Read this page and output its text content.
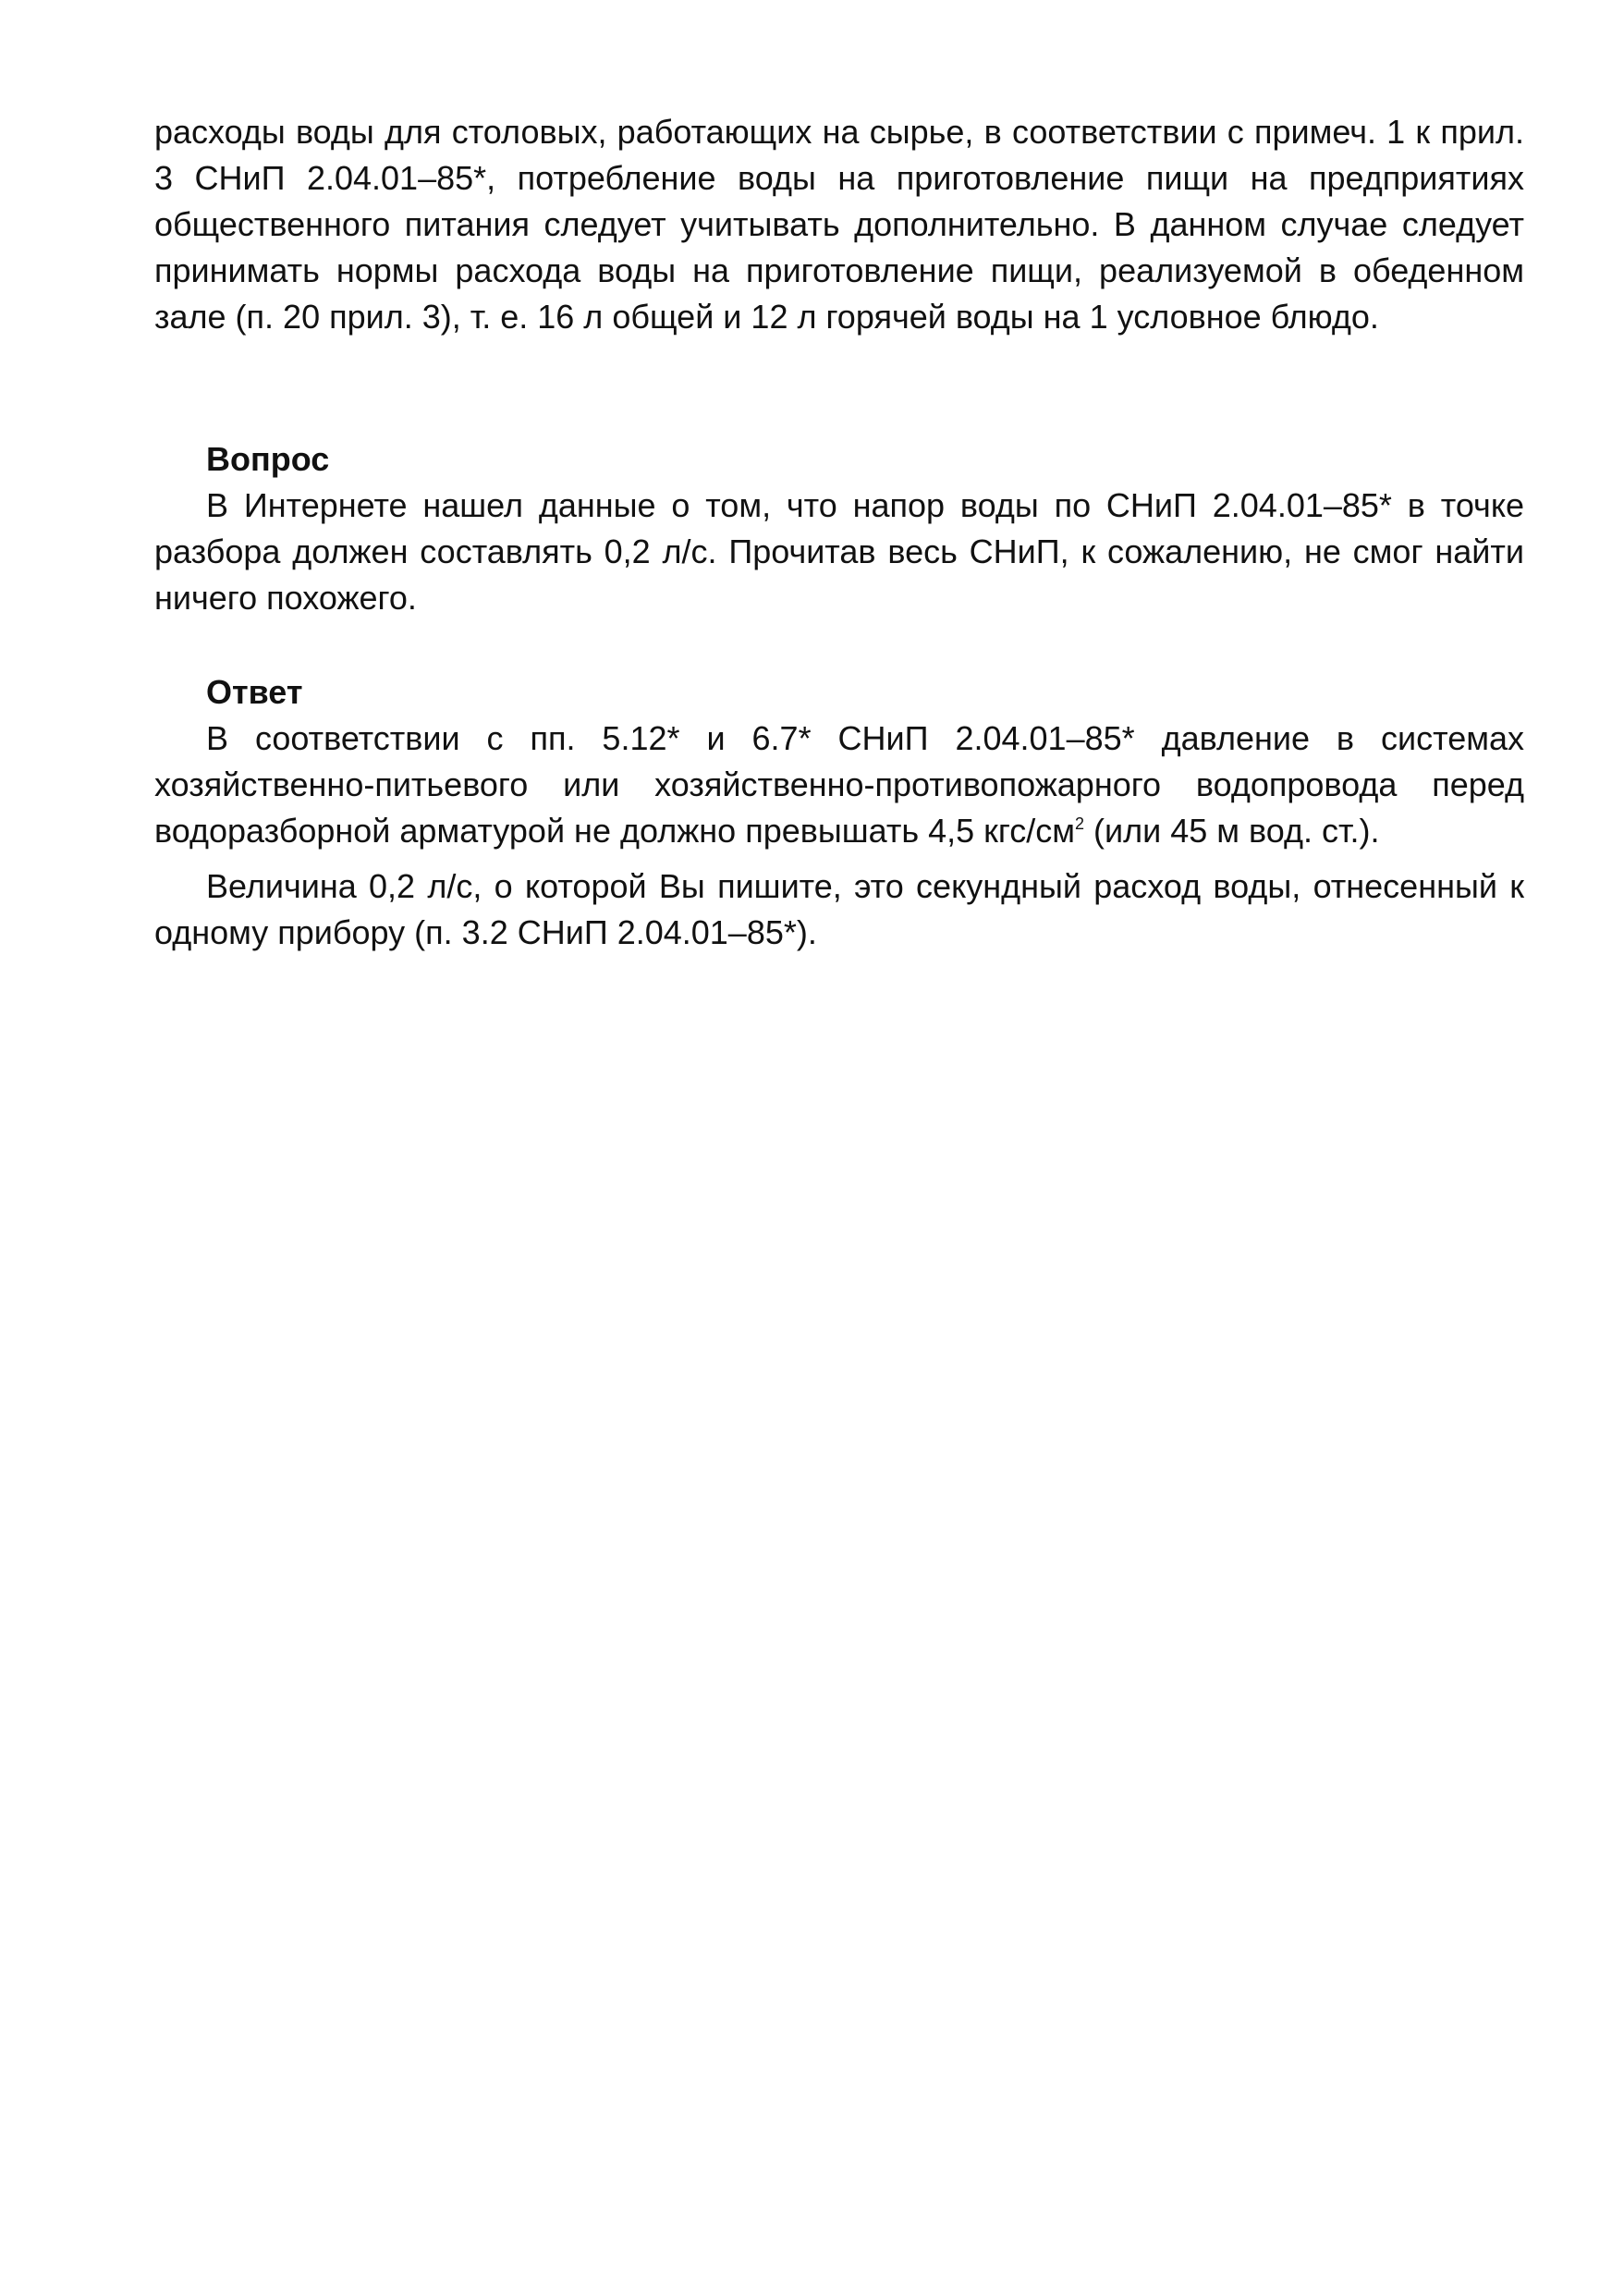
расходы воды для столовых, работающих на сырье, в соответствии с примеч. 1 к прил. 3 СНиП 2.04.01–85*, потребление воды на приготовление пищи на предприятиях общественного питания следует учитывать дополнительно. В данном случае следует принимать нормы расхода воды на приготовление пищи, реализуемой в обеденном зале (п. 20 прил. 3), т. е. 16 л общей и 12 л горячей воды на 1 условное блюдо.

Вопрос

В Интернете нашел данные о том, что напор воды по СНиП 2.04.01–85* в точке разбора должен составлять 0,2 л/с. Прочитав весь СНиП, к сожалению, не смог найти ничего похожего.

Ответ

В соответствии с пп. 5.12* и 6.7* СНиП 2.04.01–85* давление в системах хозяйственно-питьевого или хозяйственно-противопожарного водопровода перед водоразборной арматурой не должно превышать 4,5 кгс/$см^2$ (или 45 м вод. ст.).

Величина 0,2 л/с, о которой Вы пишите, это секундный расход воды, отнесенный к одному прибору (п. 3.2 СНиП 2.04.01–85*).
